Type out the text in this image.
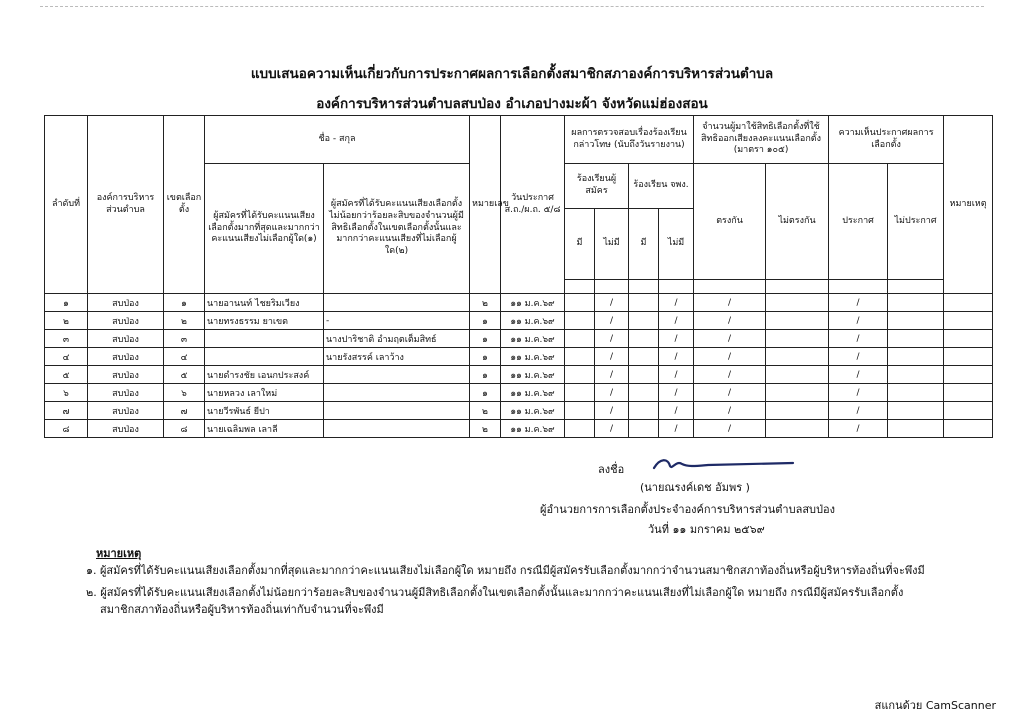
แบบเสนอความเห็นเกี่ยวกับการประกาศผลการเลือกตั้งสมาชิกสภาองค์การบริหารส่วนตำบล
องค์การบริหารส่วนตำบลสบป่อง อำเภอปางมะผ้า จังหวัดแม่ฮ่องสอน
ลำดับที่	องค์การบริหารส่วนตำบล	เขตเลือกตั้ง	ชื่อ - สกุล		หมายเลข	วันประกาศ ส.ถ./ผ.ถ. ๕/๘	ผลการตรวจสอบเรื่องร้องเรียนกล่าวโทษ (นับถึงวันรายงาน)				จำนวนผู้มาใช้สิทธิเลือกตั้งที่ใช้สิทธิออกเสียงลงคะแนนเลือกตั้ง (มาตรา ๑๐๕)		ความเห็นประกาศผลการเลือกตั้ง		หมายเหตุ
			ผู้สมัครที่ได้รับคะแนนเสียงเลือกตั้งมากที่สุดและมากกว่าคะแนนเสียงไม่เลือกผู้ใด(๑)	ผู้สมัครที่ได้รับคะแนนเสียงเลือกตั้งไม่น้อยกว่าร้อยละสิบของจำนวนผู้มีสิทธิเลือกตั้งในเขตเลือกตั้งนั้นและมากกว่าคะแนนเสียงที่ไม่เลือกผู้ใด(๒)			ร้องเรียนผู้สมัคร		ร้องเรียน จพง.		ตรงกัน	ไม่ตรงกัน	ประกาศ	ไม่ประกาศ	
							มี	ไม่มี	มี	ไม่มี					

๑	สบป่อง	๑	นายอานนท์ ไชยริมเวียง		๒	๑๑ ม.ค.๖๙		/		/	/		/		
๒	สบป่อง	๒	นายทรงธรรม ยาเขต	-	๑	๑๑ ม.ค.๖๙		/		/	/		/		
๓	สบป่อง	๓		นางปาริชาติ อำมฤตเต็มสิทธ์	๑	๑๑ ม.ค.๖๙		/		/	/		/		
๔	สบป่อง	๔		นายรังสรรค์ เลาว้าง	๑	๑๑ ม.ค.๖๙		/		/	/		/		
๕	สบป่อง	๕	นายดำรงชัย เอนกประสงค์		๑	๑๑ ม.ค.๖๙		/		/	/		/		
๖	สบป่อง	๖	นายหลวง เลาใหม่		๑	๑๑ ม.ค.๖๙		/		/	/		/		
๗	สบป่อง	๗	นายวีรพันธ์ ยีปา		๒	๑๑ ม.ค.๖๙		/		/	/		/		
๘	สบป่อง	๘	นายเฉลิมพล เลาลี		๒	๑๑ ม.ค.๖๙		/		/	/		/		
ลงชื่อ
(นายณรงค์เดช อัมพร )
ผู้อำนวยการการเลือกตั้งประจำองค์การบริหารส่วนตำบลสบป่อง
วันที่ ๑๑ มกราคม ๒๕๖๙
หมายเหตุ
๑. ผู้สมัครที่ได้รับคะแนนเสียงเลือกตั้งมากที่สุดและมากกว่าคะแนนเสียงไม่เลือกผู้ใด หมายถึง กรณีมีผู้สมัครรับเลือกตั้งมากกว่าจำนวนสมาชิกสภาท้องถิ่นหรือผู้บริหารท้องถิ่นที่จะพึงมี
๒. ผู้สมัครที่ได้รับคะแนนเสียงเลือกตั้งไม่น้อยกว่าร้อยละสิบของจำนวนผู้มีสิทธิเลือกตั้งในเขตเลือกตั้งนั้นและมากกว่าคะแนนเสียงที่ไม่เลือกผู้ใด หมายถึง กรณีมีผู้สมัครรับเลือกตั้ง
สมาชิกสภาท้องถิ่นหรือผู้บริหารท้องถิ่นเท่ากับจำนวนที่จะพึงมี
สแกนด้วย CamScanner
